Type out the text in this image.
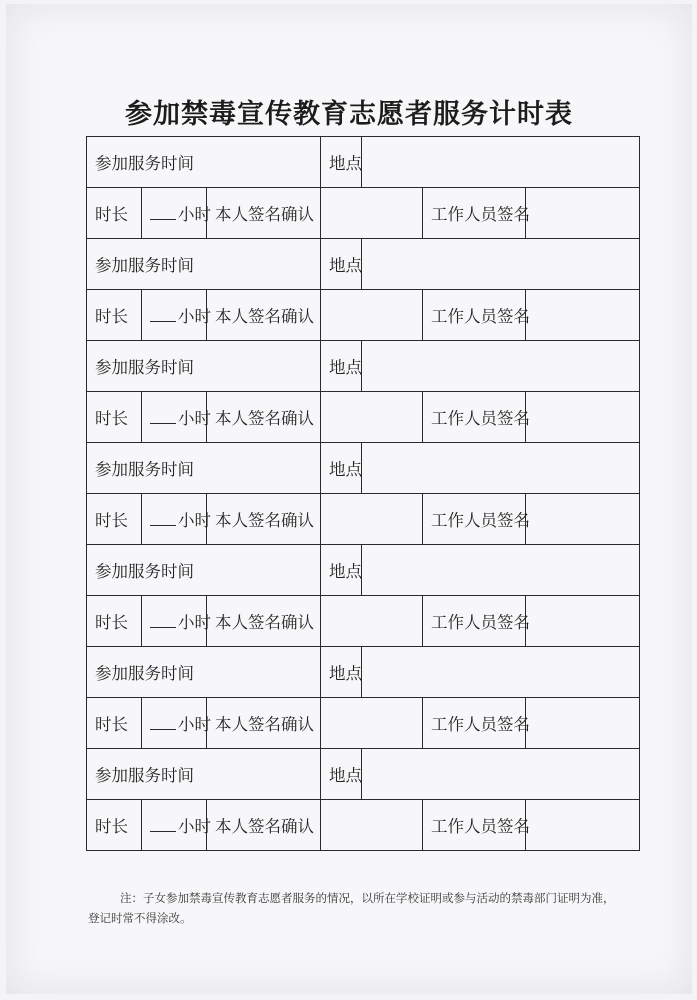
参加禁毒宣传教育志愿者服务计时表
参加服务时间			地点			
时长	小时	本人签名确认			工作人员签名	
参加服务时间			地点			
时长	小时	本人签名确认			工作人员签名	
参加服务时间			地点			
时长	小时	本人签名确认			工作人员签名	
参加服务时间			地点			
时长	小时	本人签名确认			工作人员签名	
参加服务时间			地点			
时长	小时	本人签名确认			工作人员签名	
参加服务时间			地点			
时长	小时	本人签名确认			工作人员签名	
参加服务时间			地点			
时长	小时	本人签名确认			工作人员签名	
注：子女参加禁毒宣传教育志愿者服务的情况，以所在学校证明或参与活动的禁毒部门证明为准，
登记时常不得涂改。
